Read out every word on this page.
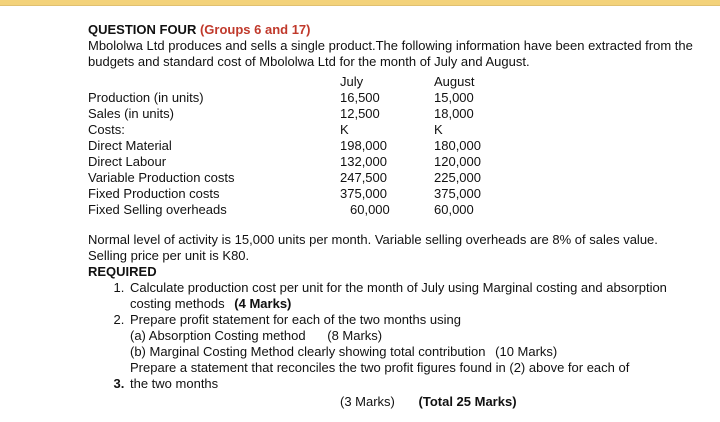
QUESTION FOUR (Groups 6 and 17)

Mbololwa Ltd produces and sells a single product.The following information have been extracted from the budgets and standard cost of Mbololwa Ltd for the month of July and August.

	July	August
Production (in units)	16,500	15,000
Sales (in units)	12,500	18,000
Costs:	K	K
Direct Material	198,000	180,000
Direct Labour	132,000	120,000
Variable Production costs	247,500	225,000
Fixed Production costs	375,000	375,000
Fixed Selling overheads	60,000	60,000

Normal level of activity is 15,000 units per month. Variable selling overheads are 8% of sales value. Selling price per unit is K80.

REQUIRED
1. Calculate production cost per unit for the month of July using Marginal costing and absorption costing methods (4 Marks)
2. Prepare profit statement for each of the two months using
(a) Absorption Costing method (8 Marks)
(b) Marginal Costing Method clearly showing total contribution (10 Marks)
3. Prepare a statement that reconciles the two profit figures found in (2) above for each of the two months
(3 Marks) (Total 25 Marks)
